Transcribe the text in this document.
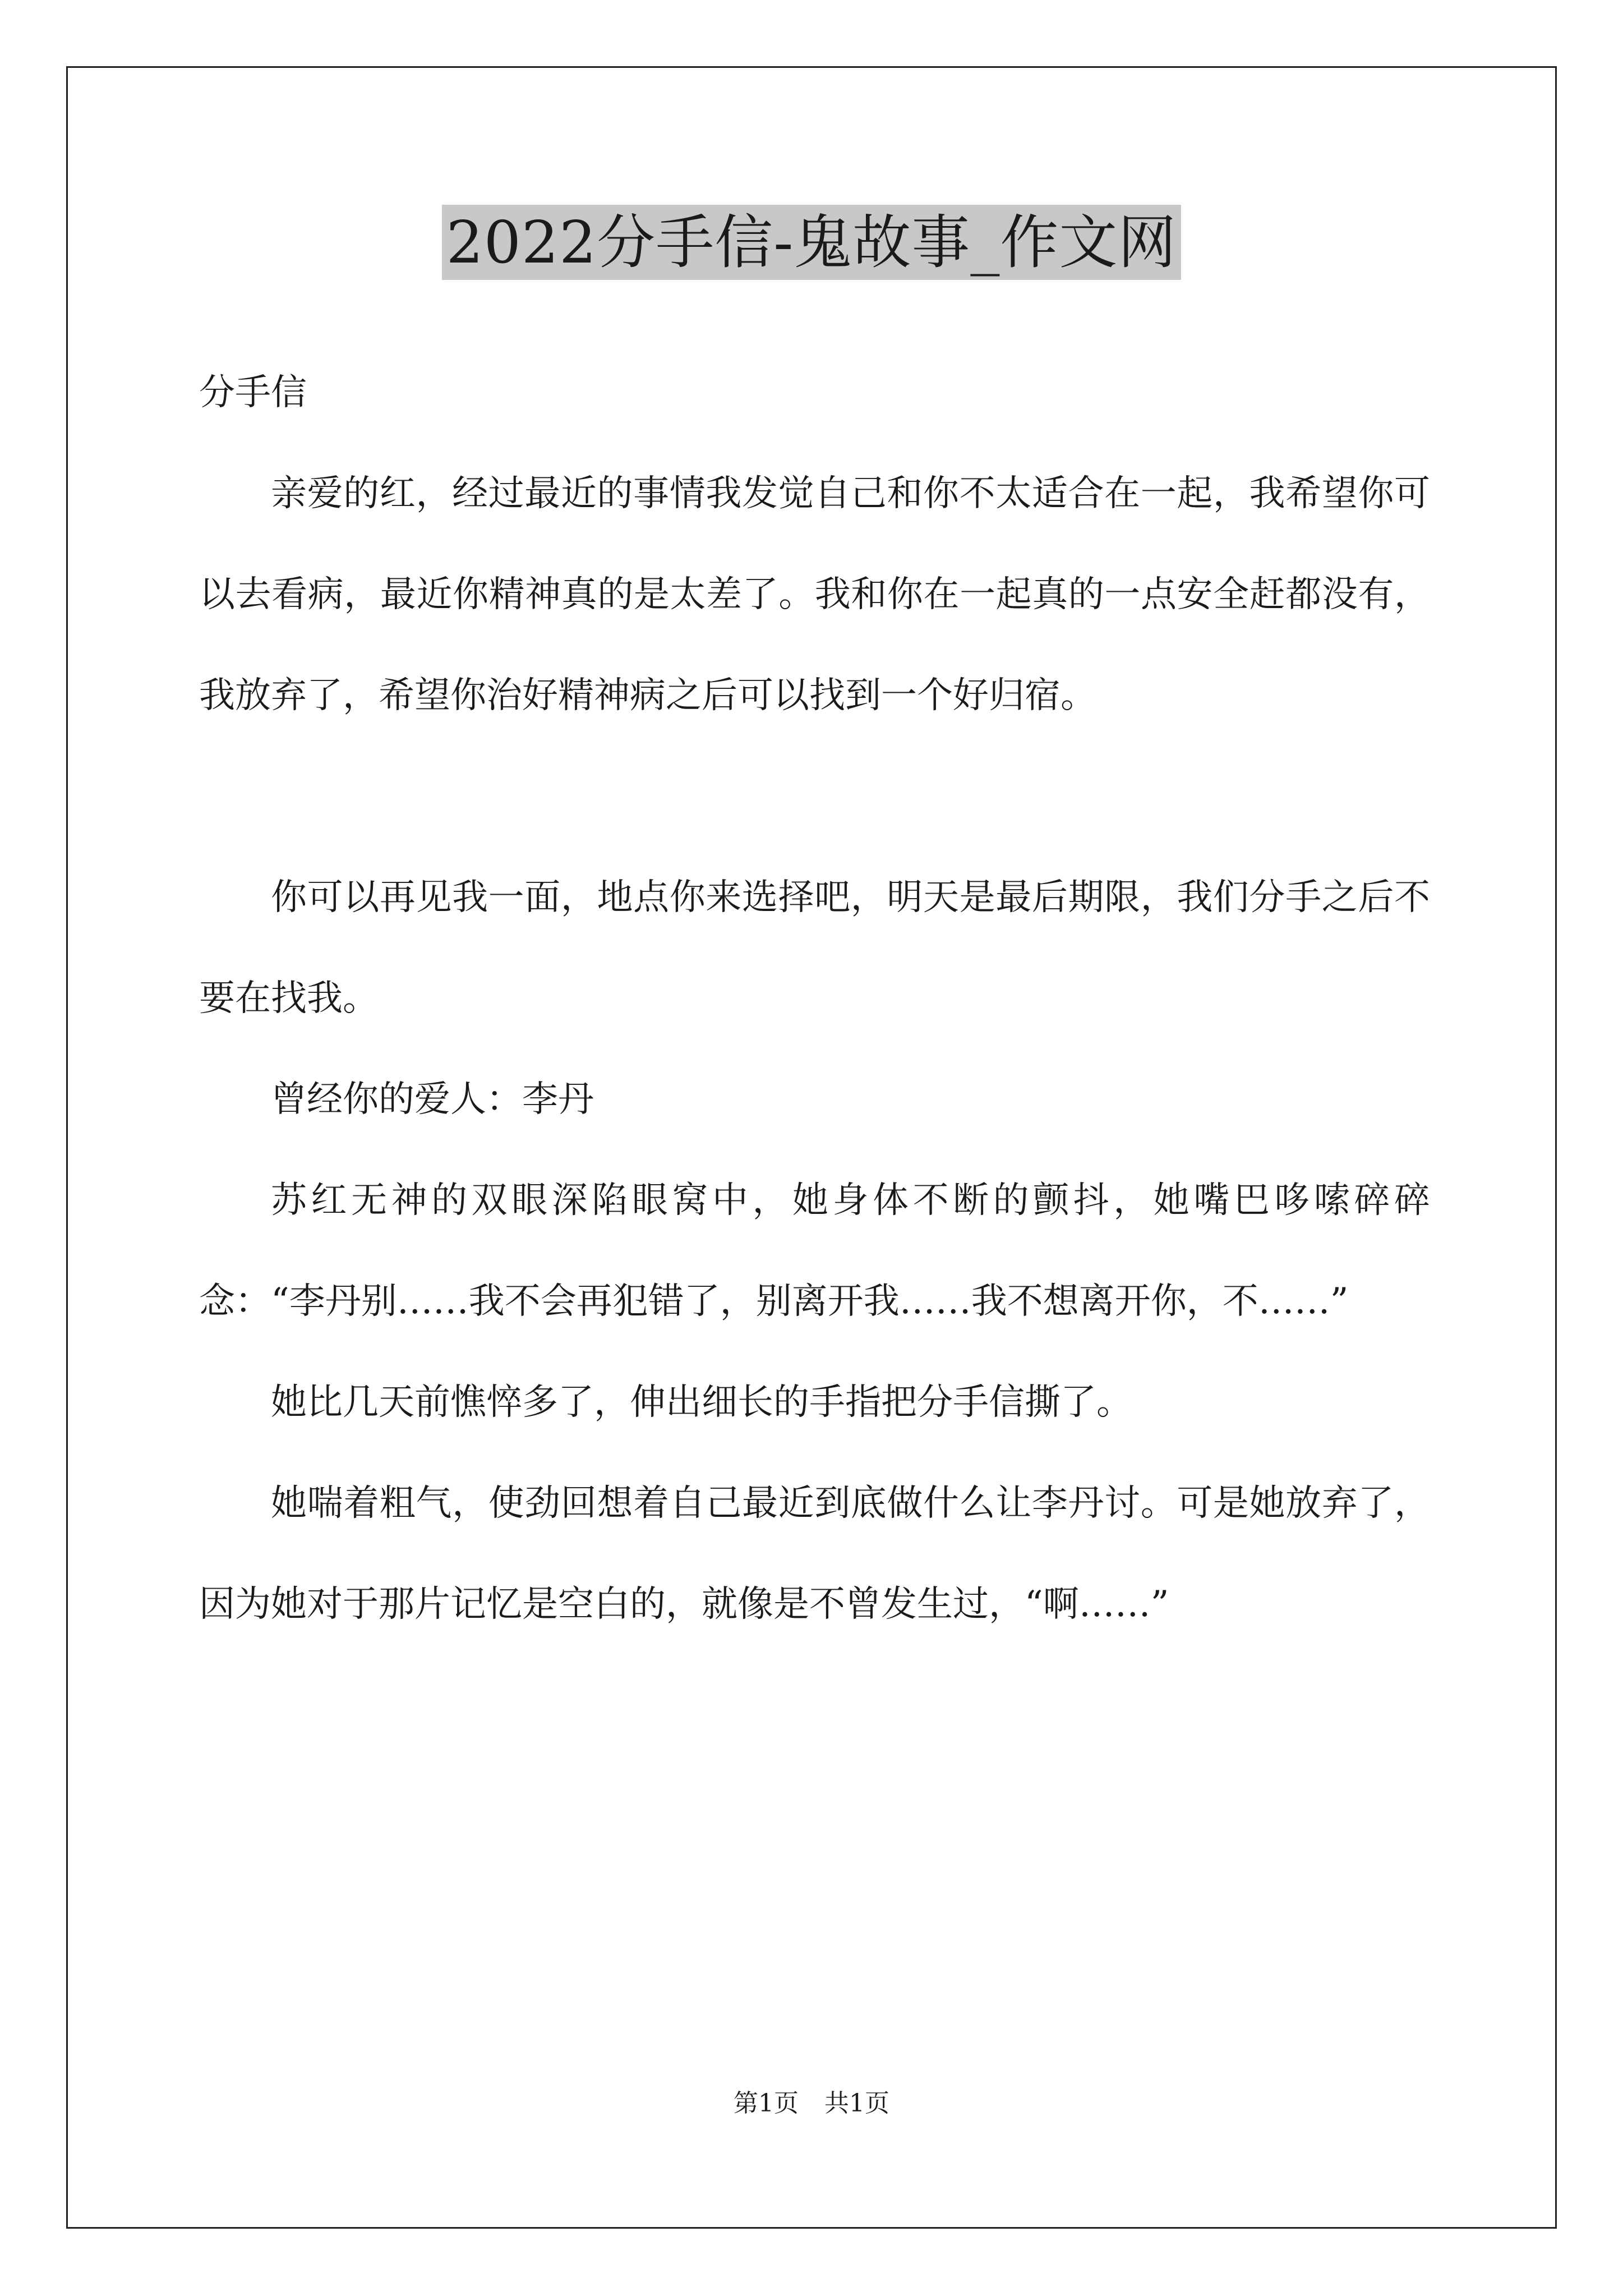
2022分手信-鬼故事_作文网

分手信

亲爱的红，经过最近的事情我发觉自己和你不太适合在一起，我希望你可以去看病，最近你精神真的是太差了。我和你在一起真的一点安全赶都没有，我放弃了，希望你治好精神病之后可以找到一个好归宿。

你可以再见我一面，地点你来选择吧，明天是最后期限，我们分手之后不要在找我。

曾经你的爱人：李丹

苏红无神的双眼深陷眼窝中，她身体不断的颤抖，她嘴巴哆嗦碎碎念：“李丹别……我不会再犯错了，别离开我……我不想离开你，不……”

她比几天前憔悴多了，伸出细长的手指把分手信撕了。

她喘着粗气，使劲回想着自己最近到底做什么让李丹讨。可是她放弃了，因为她对于那片记忆是空白的，就像是不曾发生过，“啊……”

第1页 共1页
